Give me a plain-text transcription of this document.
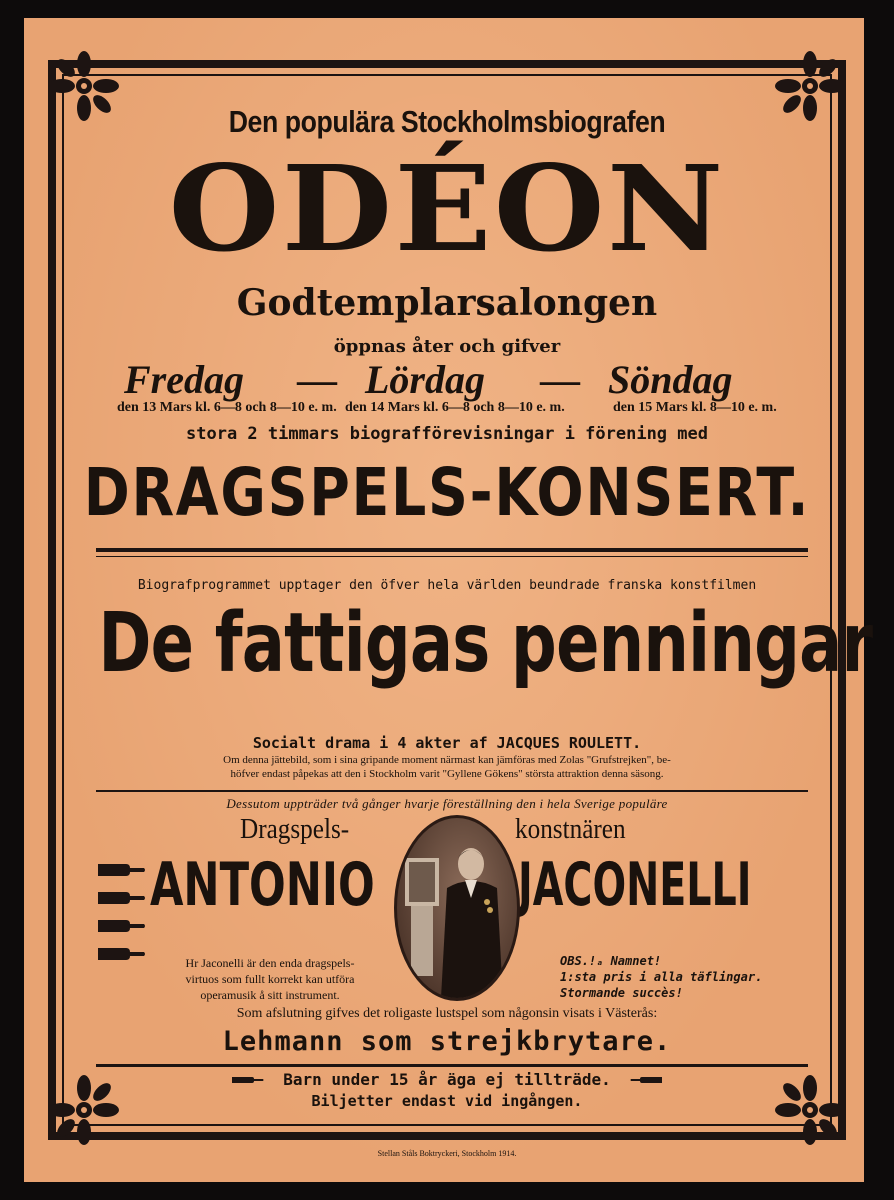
Den populära Stockholmsbiografen
ODÉON
Godtemplarsalongen
öppnas åter och gifver
Fredag — Lördag — Söndag
den 13 Mars kl. 6—8 och 8—10 e. m. den 14 Mars kl. 6—8 och 8—10 e. m.	den 15 Mars kl. 8—10 e. m.
stora 2 timmars biografförevisningar i förening med
DRAGSPELS-KONSERT.
Biografprogrammet upptager den öfver hela världen beundrade franska konstfilmen
De fattigas penningar
Socialt drama i 4 akter af JACQUES ROULETT.
Om denna jättebild, som i sina gripande moment närmast kan jämföras med Zolas "Grufstrejken", be-
höfver endast påpekas att den i Stockholm varit "Gyllene Gökens" största attraktion denna säsong.
Dessutom uppträder två gånger hvarje föreställning den i hela Sverige populäre
Dragspels-	konstnären
ANTONIO JACONELLI

Hr Jaconelli är den enda dragspels-
virtuos som fullt korrekt kan utföra
operamusik å sitt instrument.
OBS.!ₐ Namnet!
1:sta pris i alla täflingar.
Stormande succès!
Som afslutning gifves det roligaste lustspel som någonsin visats i Västerås:
Lehmann som strejkbrytare.
Barn under 15 år äga ej tillträde.
Biljetter endast vid ingången.
Stellan Ståls Boktryckeri, Stockholm 1914.
